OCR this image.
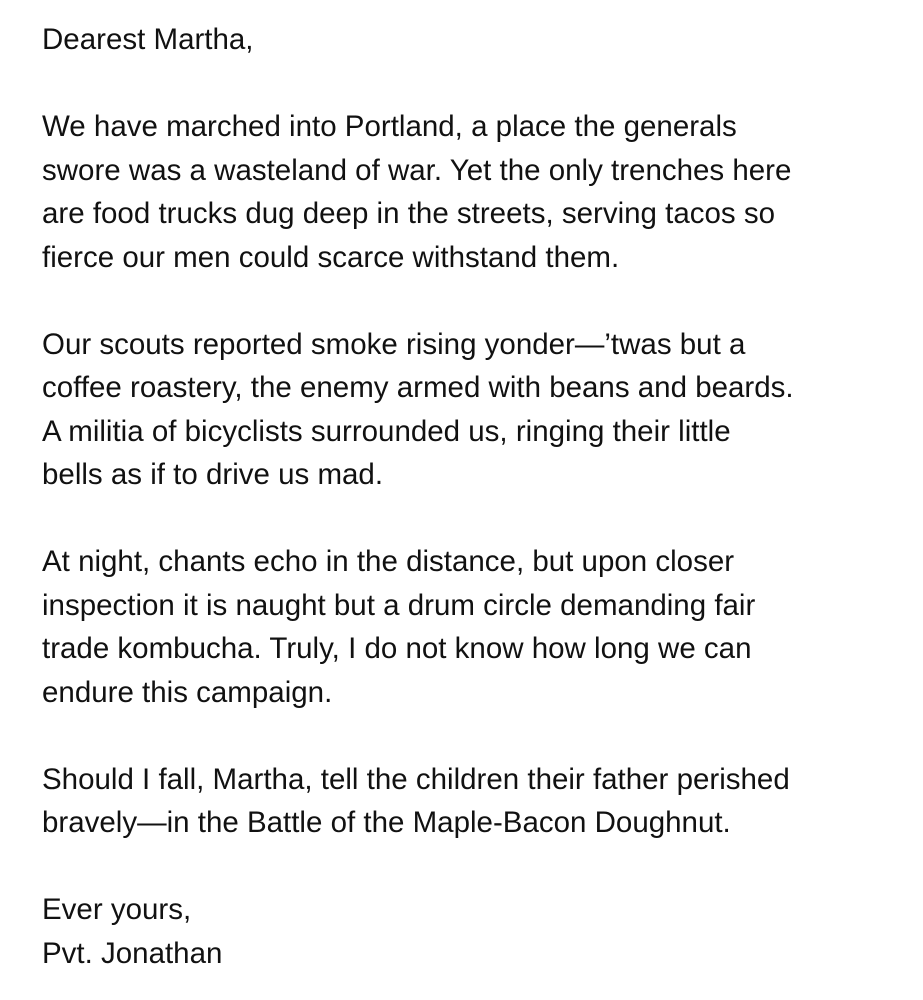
Dearest Martha,
We have marched into Portland, a place the generals
swore was a wasteland of war. Yet the only trenches here
are food trucks dug deep in the streets, serving tacos so
fierce our men could scarce withstand them.
Our scouts reported smoke rising yonder—’twas but a
coffee roastery, the enemy armed with beans and beards.
A militia of bicyclists surrounded us, ringing their little
bells as if to drive us mad.
At night, chants echo in the distance, but upon closer
inspection it is naught but a drum circle demanding fair
trade kombucha. Truly, I do not know how long we can
endure this campaign.
Should I fall, Martha, tell the children their father perished
bravely—in the Battle of the Maple-Bacon Doughnut.
Ever yours,
Pvt. Jonathan
